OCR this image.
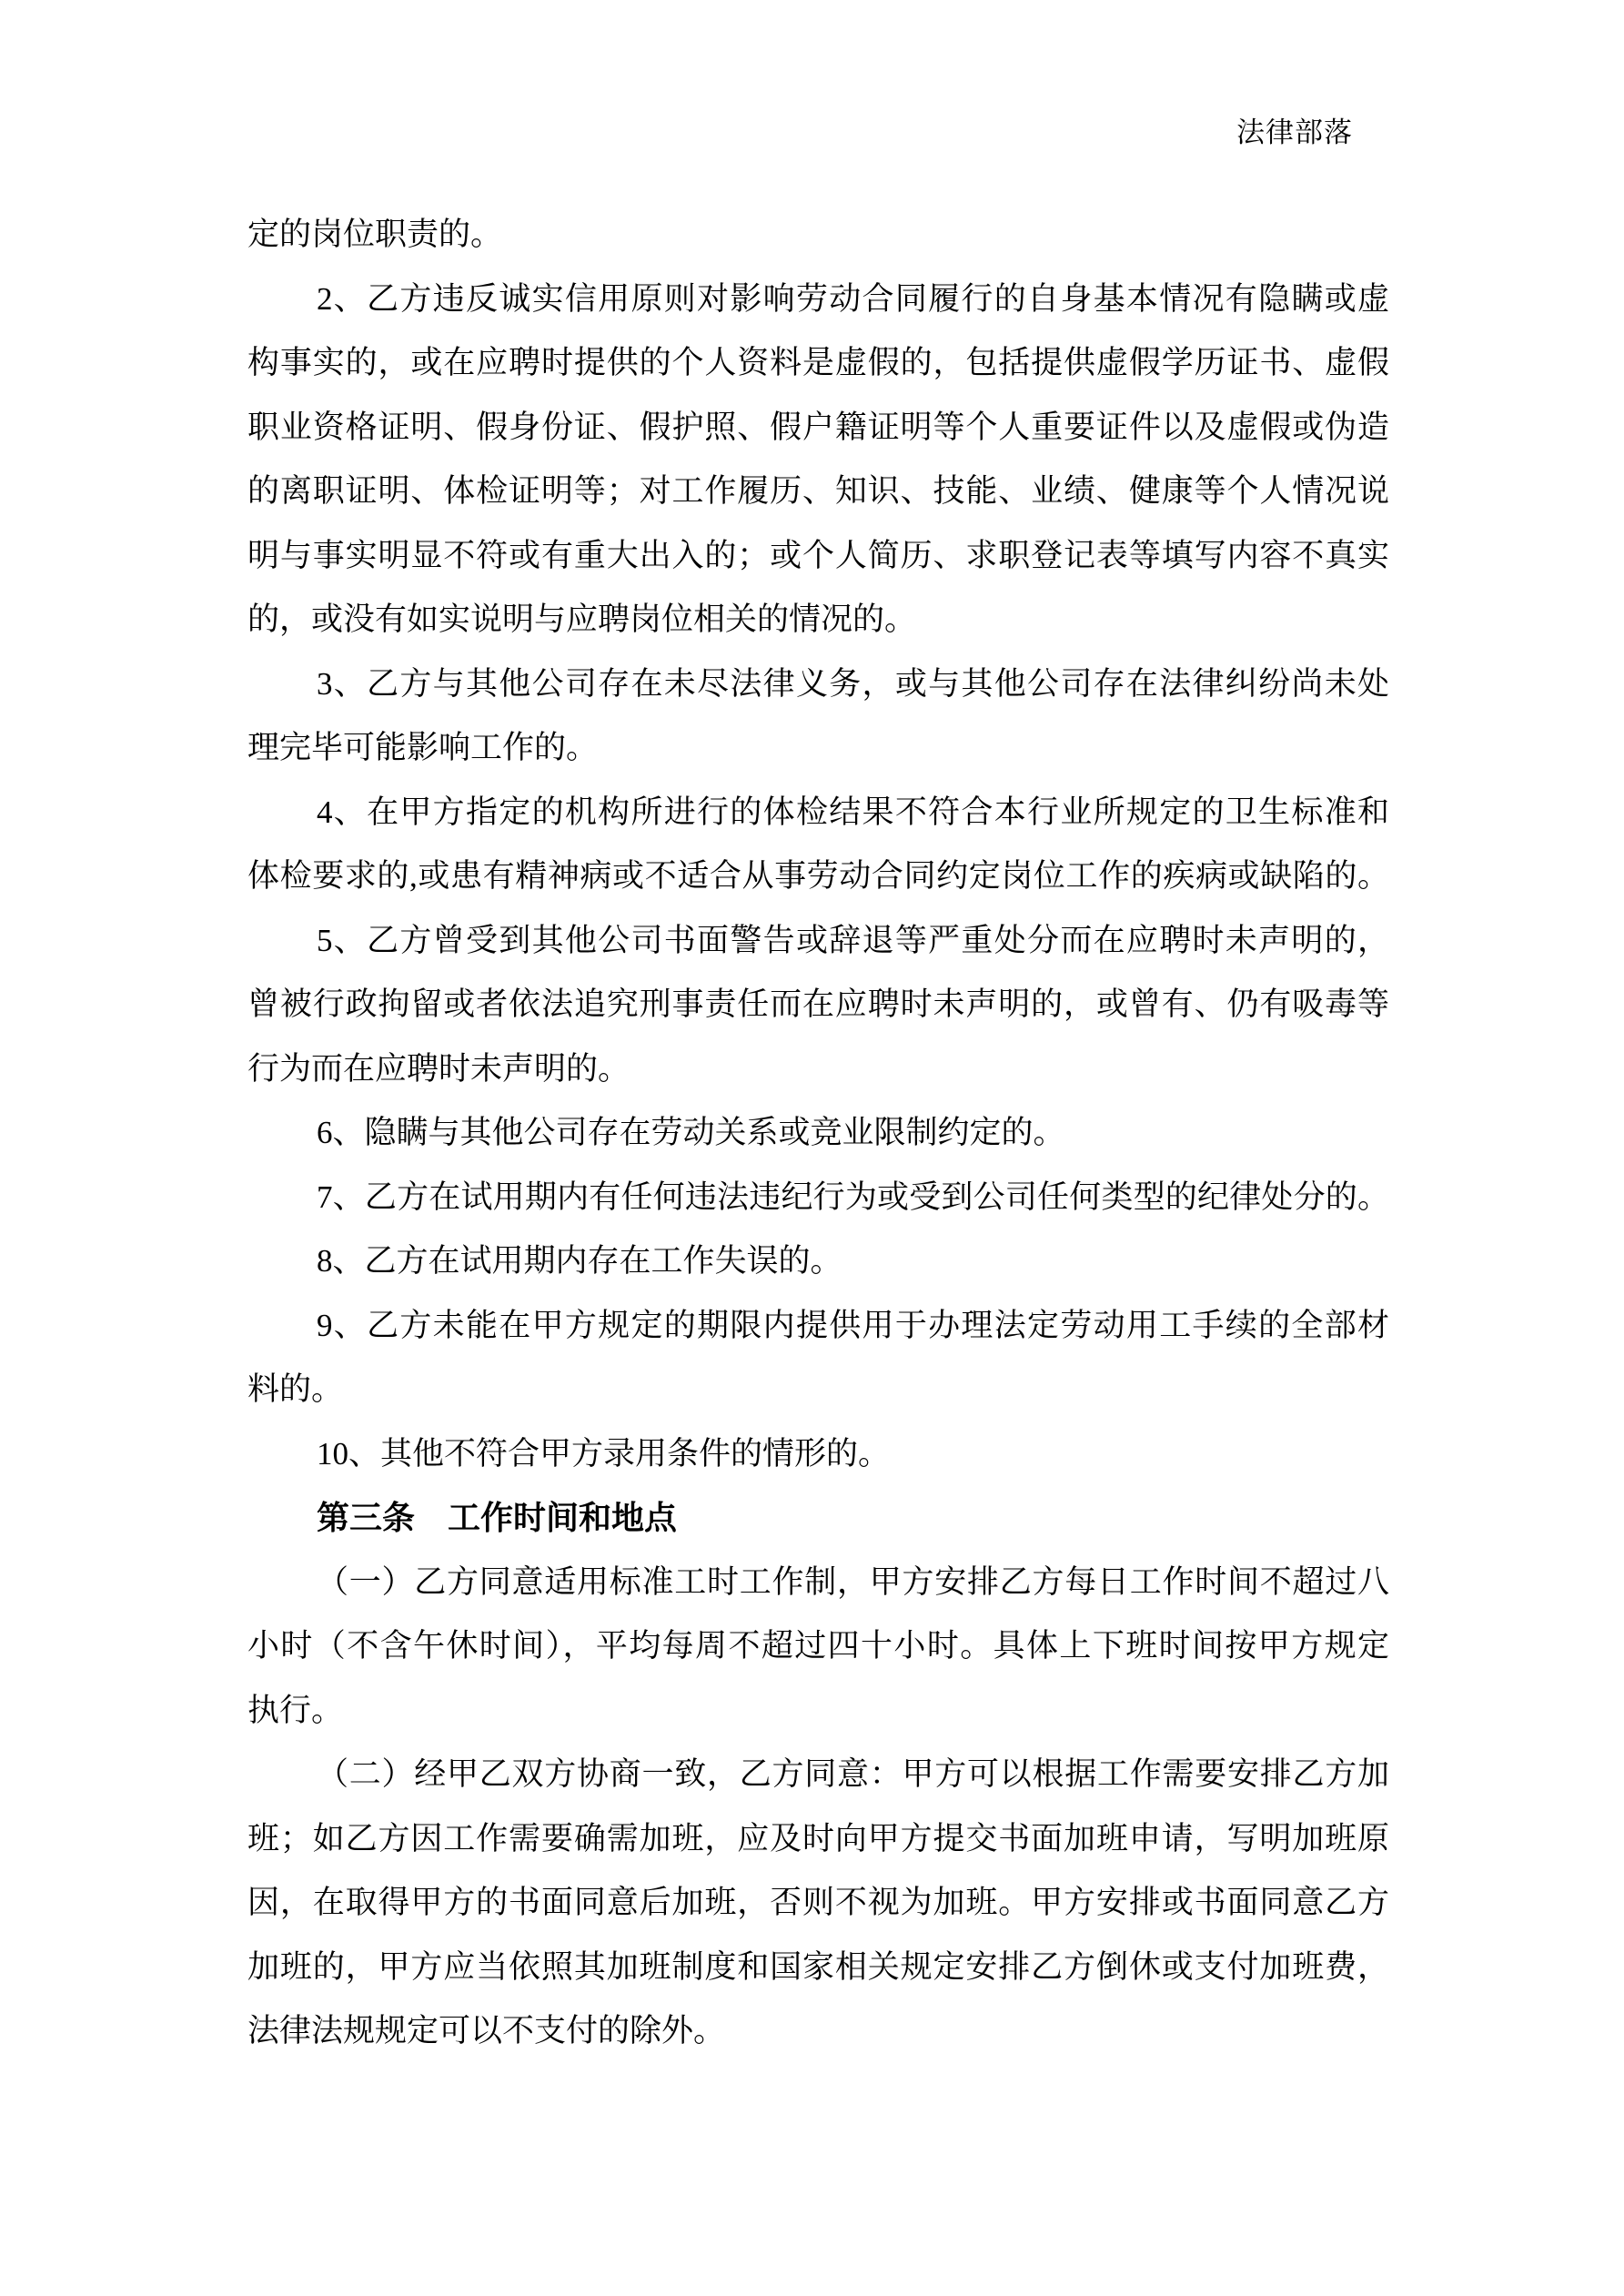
法律部落
定的岗位职责的。
2、乙方违反诚实信用原则对影响劳动合同履行的自身基本情况有隐瞒或虚
构事实的，或在应聘时提供的个人资料是虚假的，包括提供虚假学历证书、虚假
职业资格证明、假身份证、假护照、假户籍证明等个人重要证件以及虚假或伪造
的离职证明、体检证明等；对工作履历、知识、技能、业绩、健康等个人情况说
明与事实明显不符或有重大出入的；或个人简历、求职登记表等填写内容不真实
的，或没有如实说明与应聘岗位相关的情况的。
3、乙方与其他公司存在未尽法律义务，或与其他公司存在法律纠纷尚未处
理完毕可能影响工作的。
4、在甲方指定的机构所进行的体检结果不符合本行业所规定的卫生标准和
体检要求的,或患有精神病或不适合从事劳动合同约定岗位工作的疾病或缺陷的。
5、乙方曾受到其他公司书面警告或辞退等严重处分而在应聘时未声明的，
曾被行政拘留或者依法追究刑事责任而在应聘时未声明的，或曾有、仍有吸毒等
行为而在应聘时未声明的。
6、隐瞒与其他公司存在劳动关系或竞业限制约定的。
7、乙方在试用期内有任何违法违纪行为或受到公司任何类型的纪律处分的。
8、乙方在试用期内存在工作失误的。
9、乙方未能在甲方规定的期限内提供用于办理法定劳动用工手续的全部材
料的。
10、其他不符合甲方录用条件的情形的。
第三条　工作时间和地点
（一）乙方同意适用标准工时工作制，甲方安排乙方每日工作时间不超过八
小时（不含午休时间），平均每周不超过四十小时。具体上下班时间按甲方规定
执行。
（二）经甲乙双方协商一致，乙方同意：甲方可以根据工作需要安排乙方加
班；如乙方因工作需要确需加班，应及时向甲方提交书面加班申请，写明加班原
因，在取得甲方的书面同意后加班，否则不视为加班。甲方安排或书面同意乙方
加班的，甲方应当依照其加班制度和国家相关规定安排乙方倒休或支付加班费，
法律法规规定可以不支付的除外。
